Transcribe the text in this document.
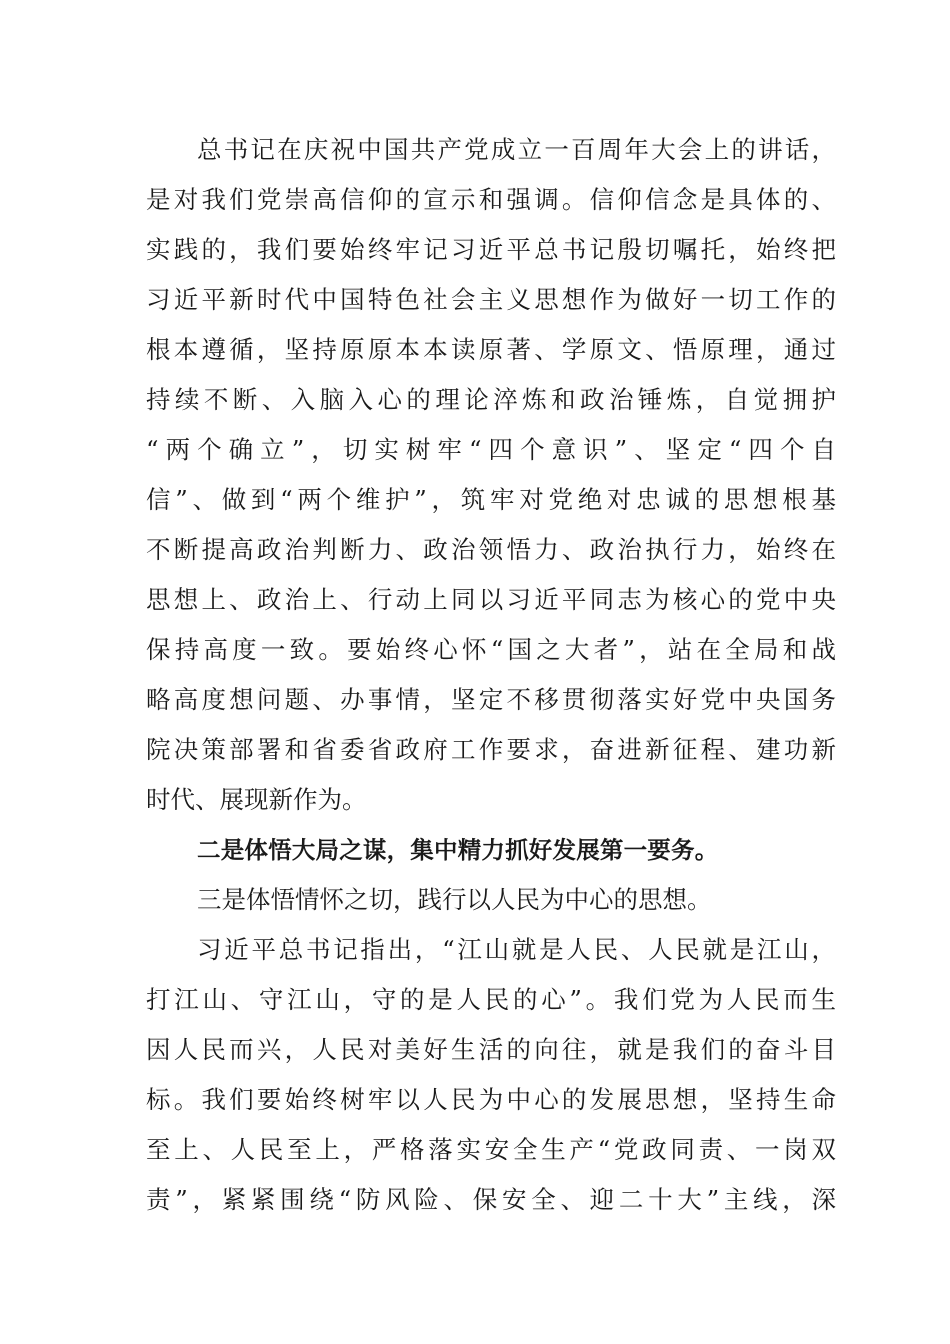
总书记在庆祝中国共产党成立一百周年大会上的讲话，
是对我们党崇高信仰的宣示和强调。信仰信念是具体的、
实践的，我们要始终牢记习近平总书记殷切嘱托，始终把
习近平新时代中国特色社会主义思想作为做好一切工作的
根本遵循，坚持原原本本读原著、学原文、悟原理，通过
持续不断、入脑入心的理论淬炼和政治锤炼，自觉拥护
“两个确立”，切实树牢“四个意识”、坚定“四个自
信”、做到“两个维护”，筑牢对党绝对忠诚的思想根基
不断提高政治判断力、政治领悟力、政治执行力，始终在
思想上、政治上、行动上同以习近平同志为核心的党中央
保持高度一致。要始终心怀“国之大者”，站在全局和战
略高度想问题、办事情，坚定不移贯彻落实好党中央国务
院决策部署和省委省政府工作要求，奋进新征程、建功新
时代、展现新作为。
二是体悟大局之谋，集中精力抓好发展第一要务。
三是体悟情怀之切，践行以人民为中心的思想。
习近平总书记指出，“江山就是人民、人民就是江山，
打江山、守江山，守的是人民的心”。我们党为人民而生
因人民而兴，人民对美好生活的向往，就是我们的奋斗目
标。我们要始终树牢以人民为中心的发展思想，坚持生命
至上、人民至上，严格落实安全生产“党政同责、一岗双
责”，紧紧围绕“防风险、保安全、迎二十大”主线，深
